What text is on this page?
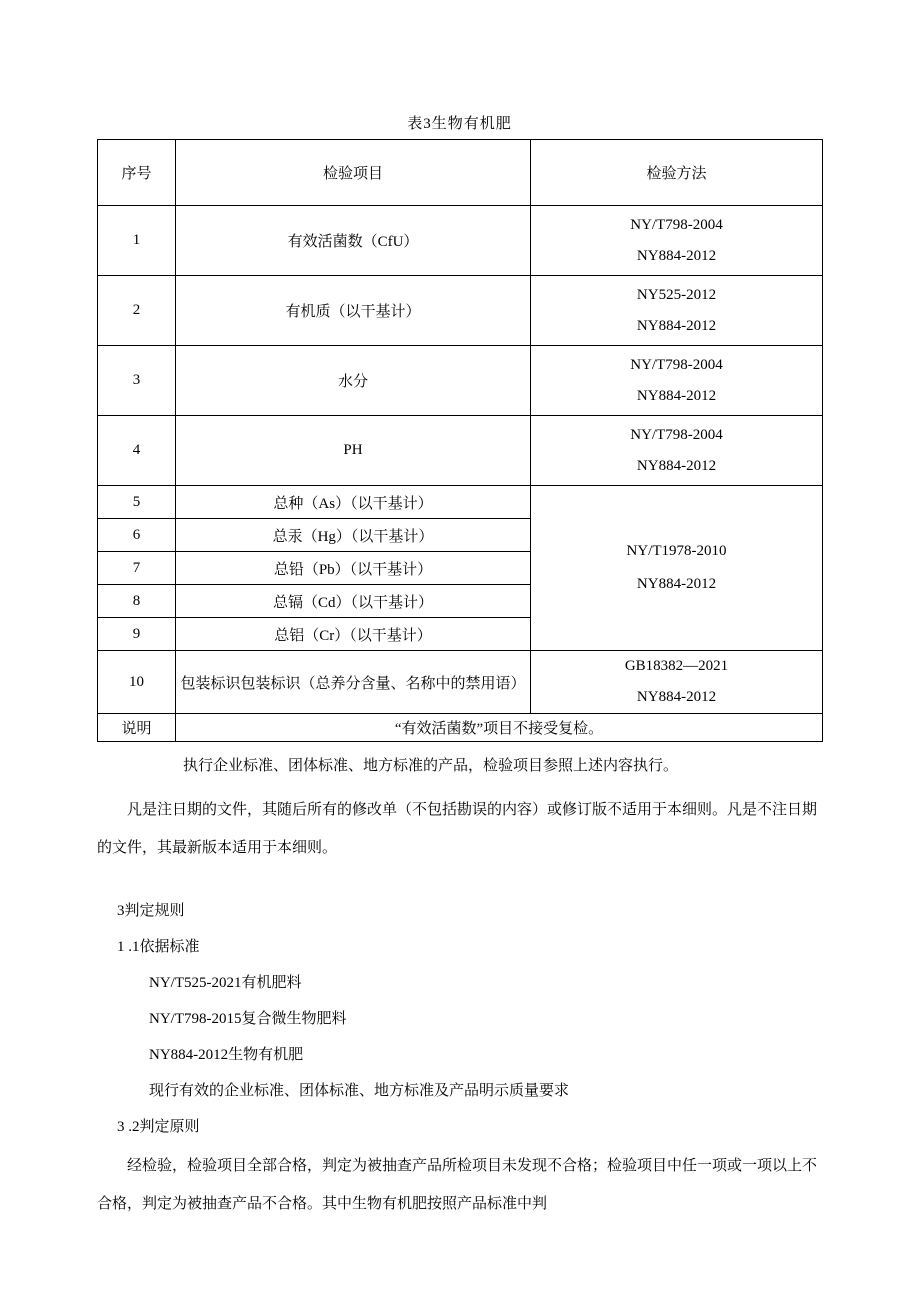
表3生物有机肥
序号	检验项目	检验方法
1	有效活菌数（CfU）	NY/T798-2004
NY884-2012

2	有机质（以干基计）	NY525-2012
NY884-2012

3	水分	NY/T798-2004
NY884-2012

4	PH	NY/T798-2004
NY884-2012

5	总种（As）（以干基计）	NY/T1978-2010
NY884-2012

6	总汞（Hg）（以干基计）	
7	总铅（Pb）（以干基计）	
8	总镉（Cd）（以干基计）	
9	总铝（Cr）（以干基计）	
10	包装标识包装标识（总养分含量、名称中的禁用语）	GB18382—2021
NY884-2012

说明	“有效活菌数”项目不接受复检。	

执行企业标准、团体标准、地方标准的产品，检验项目参照上述内容执行。

凡是注日期的文件，其随后所有的修改单（不包括勘误的内容）或修订版不适用于本细则。凡是不注日期的文件，其最新版本适用于本细则。

3判定规则
1 .1依据标准
NY/T525-2021有机肥料
NY/T798-2015复合微生物肥料
NY884-2012生物有机肥
现行有效的企业标准、团体标准、地方标准及产品明示质量要求
3 .2判定原则

经检验，检验项目全部合格，判定为被抽查产品所检项目未发现不合格；检验项目中任一项或一项以上不合格，判定为被抽查产品不合格。其中生物有机肥按照产品标准中判
